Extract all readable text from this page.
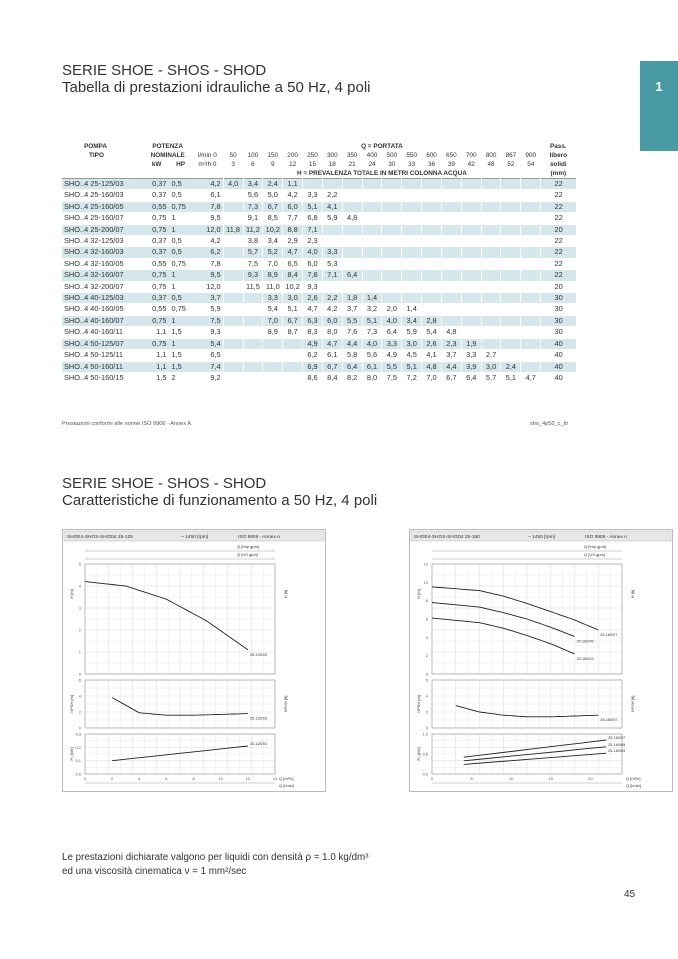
1
SERIE SHOE - SHOS - SHOD
Tabella di prestazioni idrauliche a 50 Hz, 4 poli
POMPA	POTENZA			Q = PORTATA																Pass.
TIPO	NOMINALE		l/min 0	50	100	150	200	250	300	350	400	500	550	600	650	700	800	867	900	libero
	kW	HP	m³/h 0	3	6	9	12	15	18	21	24	30	33	36	39	42	48	52	54	solidi
				H = PREVALENZA TOTALE IN METRI COLONNA ACQUA																(mm)
SHO..4 25-125/03	0,37	0,5	4,2	4,0	3,4	2,4	1,1													22
SHO..4 25-160/03	0,37	0,5	6,1		5,6	5,0	4,2	3,3	2,2											22
SHO..4 25-160/05	0,55	0,75	7,8		7,3	6,7	6,0	5,1	4,1											22
SHO..4 25-160/07	0,75	1	9,5		9,1	8,5	7,7	6,8	5,9	4,8										22
SHO..4 25-200/07	0,75	1	12,0	11,8	11,2	10,2	8,8	7,1												20
SHO..4 32-125/03	0,37	0,5	4,2		3,8	3,4	2,9	2,3												22
SHO..4 32-160/03	0,37	0,5	6,2		5,7	5,2	4,7	4,0	3,3											22
SHO..4 32-160/05	0,55	0,75	7,8		7,5	7,0	6,5	6,0	5,3											22
SHO..4 32-160/07	0,75	1	9,5		9,3	8,9	8,4	7,8	7,1	6,4										22
SHO..4 32-200/07	0,75	1	12,0		11,5	11,0	10,2	9,3												20
SHO..4 40-125/03	0,37	0,5	3,7			3,3	3,0	2,6	2,2	1,8	1,4									30
SHO..4 40-160/05	0,55	0,75	5,9			5,4	5,1	4,7	4,2	3,7	3,2	2,0	1,4							30
SHO..4 40-160/07	0,75	1	7,5			7,0	6,7	6,3	6,0	5,5	5,1	4,0	3,4	2,8						30
SHO..4 40-160/11	1,1	1,5	9,3			8,9	8,7	8,3	8,0	7,6	7,3	6,4	5,9	5,4	4,8					30
SHO..4 50-125/07	0,75	1	5,4					4,9	4,7	4,4	4,0	3,3	3,0	2,6	2,3	1,9				40
SHO..4 50-125/11	1,1	1,5	6,5					6,2	6,1	5,8	5,6	4,9	4,5	4,1	3,7	3,3	2,7			40
SHO..4 50-160/11	1,1	1,5	7,4					6,9	6,7	6,4	6,1	5,5	5,1	4,8	4,4	3,9	3,0	2,4		40
SHO..4 50-160/15	1,5	2	9,2					8,6	8,4	8,2	8,0	7,5	7,2	7,0	6,7	6,4	5,7	5,1	4,7	40
Prestazioni conformi alle norme ISO 9906 - Annex A.	sho_4p50_c_th
SERIE SHOE - SHOS - SHOD
Caratteristiche di funzionamento a 50 Hz, 4 poli
SHOE4-SHOS-SHOD4 25-125	~ 1450 [rpm]	ISO 9906 - Annex A
Q [Imp gpm]
Q [US gpm]
H [m]	H [ft]
0
1
2
3
4
5
NPSH [m]	NPSH [ft]
0
2
4
6
P₂ [kW]
0.0
0.1
0.2
0.3
0	2	4	6	8	10	12	14 Q [m³/h]
Q [l/min]
25-125/03
25-125/03
25-125/03
SHOE4-SHOS-SHOD4 25-160	~ 1450 [rpm]	ISO 9906 - Annex A
Q [Imp gpm]
Q [US gpm]
H [m]	H [ft]
0
2
4
6
8
10
12
NPSH [m]	NPSH [ft]
0
2
4
6
P₂ [kW]
0.0
0.5
1.0
0	5	10	15	20	Q [m³/h]
Q [l/min]
25-160/07
25-160/05
25-160/03
25-160/07
25-160/07
25-160/05
25-160/03
Le prestazioni dichiarate valgono per liquidi con densità ρ = 1.0 kg/dm³
ed una viscosità cinematica ν = 1 mm²/sec
45
